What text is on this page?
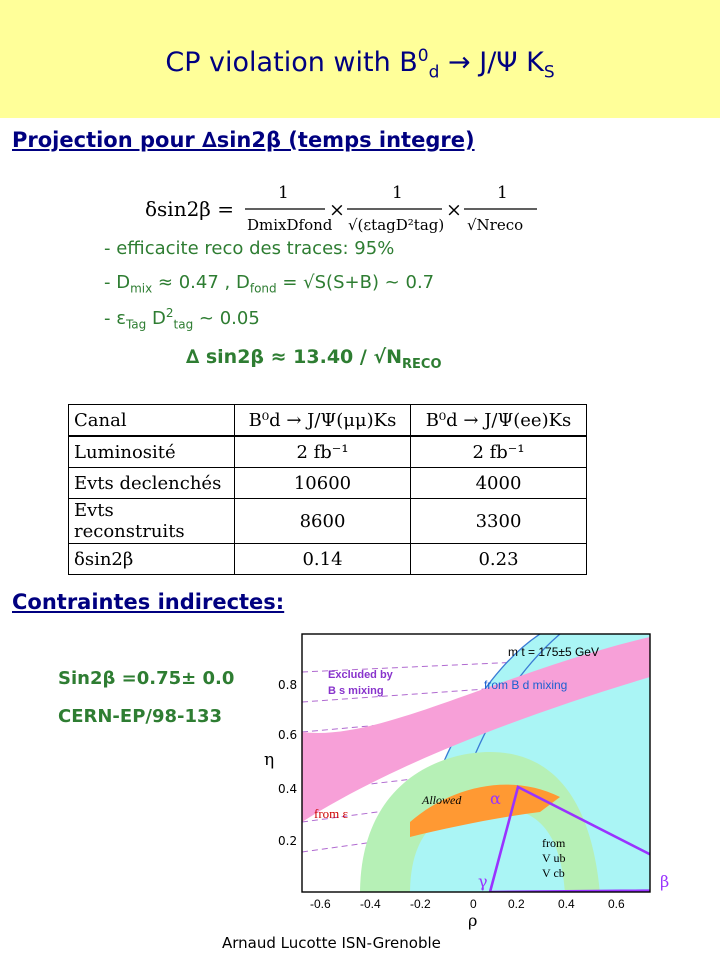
CP violation with $B^0_d \to J/\Psi$ $K_S$
Projection pour ∆sin2β (temps integre)
δsin2β =
1
DmixDfond
×
1
√(εtagD²tag)
×
1
√Nreco
- efficacite reco des traces: 95%
- $D_{mix} \approx 0.47$ , $D_{fond} = √S(S+B)$ ~ 0.7
- $\varepsilon_{Tag}$ $D^2_{tag}$ ~ 0.05
∆ $\sin 2\beta \approx 13.40 / √N_{RECO}$
Canal	B⁰d → J/Ψ(μμ)Ks	B⁰d → J/Ψ(ee)Ks
Luminosité	2 fb⁻¹	2 fb⁻¹
Evts declenchés	10600	4000
Evts reconstruits	8600	3300
δsin2β	0.14	0.23
Contraintes indirectes:
Sin2β =0.75± 0.0
CERN-EP/98-133
m t = 175±5 GeV
Excluded by
B s mixing	from B d mixing
from ε
Allowed
from
V ub
V cb
α
γ	β
-0.6 -0.4 -0.2	0	0.2	0.4	0.6
ρ
0.8
0.6
0.4
0.2
η
Arnaud Lucotte ISN-Grenoble
